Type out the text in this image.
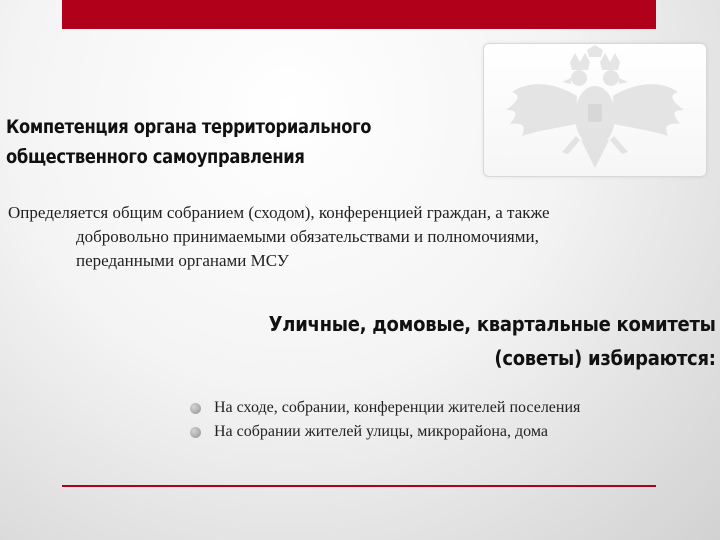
Компетенция органа территориального
общественного самоуправления
Определяется общим собранием (сходом), конференцией граждан, а также
добровольно принимаемыми обязательствами и полномочиями,
переданными органами МСУ
Уличные, домовые, квартальные комитеты
(советы) избираются:
На сходе, собрании, конференции жителей поселения
На собрании жителей улицы, микрорайона, дома
